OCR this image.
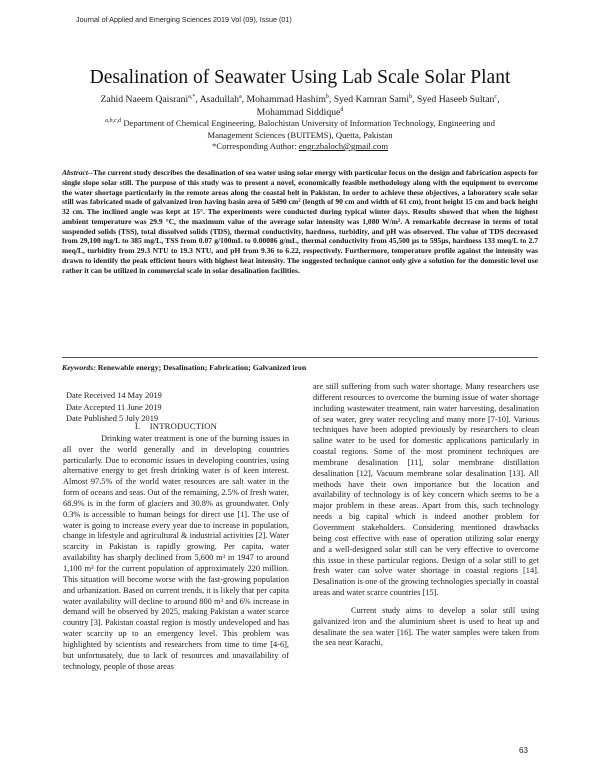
Journal of Applied and Emerging Sciences 2019 Vol (09), Issue (01)
Desalination of Seawater Using Lab Scale Solar Plant
Zahid Naeem Qaisrani$^{a,*}$, Asadullah$^a$, Mohammad Hashim$^b$, Syed Kamran Sami$^b$, Syed Haseeb Sultan$^c$,
Mohammad Siddique$^d$
$^{a,b,c,d}$ Department of Chemical Engineering, Balochistan University of Information Technology, Engineering and
Management Sciences (BUITEMS), Quetta, Pakistan
*Corresponding Author: engr.zbaloch@gmail.com
Abstract--The current study describes the desalination of sea water using solar energy with particular focus on the design and fabrication aspects for single slope solar still. The purpose of this study was to present a novel, economically feasible methodology along with the equipment to overcome the water shortage particularly in the remote areas along the coastal belt in Pakistan. In order to achieve these objectives, a laboratory scale solar still was fabricated made of galvanized iron having basin area of 5490 cm² (length of 90 cm and width of 61 cm), front height 15 cm and back height 32 cm. The inclined angle was kept at 15°. The experiments were conducted during typical winter days. Results showed that when the highest ambient temperature was 29.9 °C, the maximum value of the average solar intensity was 1,080 W/m². A remarkable decrease in terms of total suspended solids (TSS), total dissolved solids (TDS), thermal conductivity, hardness, turbidity, and pH was observed. The value of TDS decreased from 29,100 mg/L to 385 mg/L, TSS from 0.07 g/100mL to 0.00086 g/mL, thermal conductivity from 45,500 µs to 595µs, hardness 133 meq/L to 2.7 meq/L, turbidity from 29.3 NTU to 19.3 NTU, and pH from 9.36 to 6.22, respectively. Furthermore, temperature profile against the intensity was drawn to identify the peak efficient hours with highest heat intensity. The suggested technique cannot only give a solution for the domestic level use rather it can be utilized in commercial scale in solar desalination facilities.
Keywords: Renewable energy; Desalination; Fabrication; Galvanized iron
Date Received 14 May 2019
Date Accepted 11 June 2019
Date Published 5 July 2019
I. INTRODUCTION

Drinking water treatment is one of the burning issues in all over the world generally and in developing countries particularly. Due to economic issues in developing countries, using alternative energy to get fresh drinking water is of keen interest. Almost 97.5% of the world water resources are salt water in the form of oceans and seas. Out of the remaining, 2.5% of fresh water, 68.9% is in the form of glaciers and 30.8% as groundwater. Only 0.3% is accessible to human beings for direct use [1]. The use of water is going to increase every year due to increase in population, change in lifestyle and agricultural & industrial activities [2]. Water scarcity in Pakistan is rapidly growing. Per capita, water availability has sharply declined from 5,600 m³ in 1947 to around 1,100 m³ for the current population of approximately 220 million. This situation will become worse with the fast-growing population and urbanization. Based on current trends, it is likely that per capita water availability will decline to around 800 m³ and 6% increase in demand will be observed by 2025, making Pakistan a water scarce country [3]. Pakistan coastal region is mostly undeveloped and has water scarcity up to an emergency level. This problem was highlighted by scientists and researchers from time to time [4-6], but unfortunately, due to lack of resources and unavailability of technology, people of those areas

are still suffering from such water shortage. Many researchers use different resources to overcome the burning issue of water shortage including wastewater treatment, rain water harvesting, desalination of sea water, grey water recycling and many more [7-10]. Various techniques have been adopted previously by researchers to clean saline water to be used for domestic applications particularly in coastal regions. Some of the most prominent techniques are membrane desalination [11], solar membrane distillation desalination [12], Vacuum membrane solar desalination [13]. All methods have their own importance but the location and availability of technology is of key concern which seems to be a major problem in these areas. Apart from this, such technology needs a big capital which is indeed another problem for Government stakeholders. Considering mentioned drawbacks being cost effective with ease of operation utilizing solar energy and a well-designed solar still can be very effective to overcome this issue in these particular regions. Design of a solar still to get fresh water can solve water shortage in coastal regions [14]. Desalination is one of the growing technologies specially in coastal areas and water scarce countries [15].

Current study aims to develop a solar still using galvanized iron and the aluminium sheet is used to heat up and desalinate the sea water [16]. The water samples were taken from the sea near Karachi,

63
